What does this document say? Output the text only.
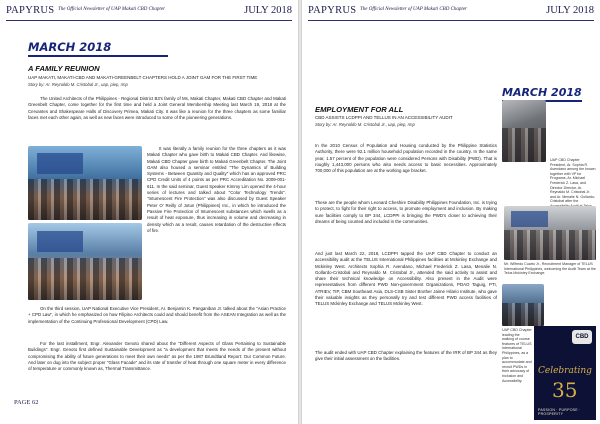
PAPYRUS The Official Newsletter of UAP Makati CBD Chapter	JULY 2018
MARCH 2018
A FAMILY REUNION
UAP MAKATI, MAKATI-CBD AND MAKATI-GREENBELT CHAPTERS HOLD A JOINT GAM FOR THE FIRST TIME
Story by: Ar. Reynaldo M. Cristobal Jr., uap, piep, rmp

The United Architects of the Philippines - Regional District B3's family of Ms, Makati Chapter, Makati CBD Chapter and Makati Greenbelt Chapter, come together for the first time and held a Joint General Membership Meeting last March 19, 2018 at the Cervantes and Shakespeare Halls of Discovery Primea, Makati City. It was like a reunion for the three chapters as some familiar faces met each other again, as well as new faces were introduced to some of the pioneering generations.

It was literally a family reunion for the three chapters as it was Makati Chapter who gave birth to Makati CBD Chapter. And likewise, Makati CBD Chapter gave birth to Makati Greenbelt Chapter. The Joint GAM also housed a seminar entitled "The Dynamics of Building Systems - Between Quantity and Quality" which has an approved PRC CPD Credit Units of 4 points as per PRC Accreditation No. 2009-001-611. In the said seminar, Guest Speaker Kimmy Lim opened the 4-hour series of lectures and talked about "Color Technology Trends". "Intumescent Fire Protection" was also discussed by Guest Speaker Peter O' Reilly of Jotun (Philippines) Inc., in which he introduced the Passive Fire Protection of Intumescent substances which swells as a result of heat exposure, thus increasing in volume and decreasing in density which as a result, causes retardation of the destructive effects of fire.

On the third session, UAP National Executive Vice President, Ar. Benjamin K. Panganiban Jr. talked about the "Asian Practice + CPD Law", in which he emphasized on how Filipino Architects could and should benefit from the ASEAN Integration as well as the implementation of the Continuing Professional Development (CPD) Law.

For the last installment, Engr. Alexander Genoto shared about the "Different Aspects of Glass Pertaining to Sustainable Buildings". Engr. Genoto first defined Sustainable Development as "a development that meets the needs of the present without compromising the ability of future generations to meet their own needs" as per the 1987 Brundtland Report: Our Common Future. And later on dug into the subject proper "Glass Facade" and its rate of transfer of heat through one square meter in every difference of temperature or commonly known as, Thermal Transmittance.

PAGE 62
PAPYRUS The Official Newsletter of UAP Makati CBD Chapter	JULY 2018
EMPLOYMENT FOR ALL
CBD ASSISTS LCDPPI AND TELLUS IN AN ACCESSIBILITY AUDIT
Story by: Ar. Reynaldo M. Cristobal Jr., uap, piep, rmp

In the 2010 Census of Population and Housing conducted by the Philippine Statistics Authority, there were 92.1 million household population recorded in the country. In the same year, 1.57 percent of the population were considered Persons with Disability (PWD). That is roughly 1,443,000 persons who also needs access to basic necessities. Approximately 700,000 of this population are at the working age bracket.

These are the people whom Leonard Cheshire Disability Philippines Foundation, Inc. is trying to protect, to fight for their right to access, to promote employment and inclusion. By making sure facilities comply to BP 344, LCDPPI is bringing the PWD's closer to achieving their dreams of being counted and included in the communities.

And just last March 22, 2018, LCDPPI tapped the UAP CBD Chapter to conduct an accessibility audit at the TELUS International Philippines facilities at Mckinley Exchange and Mckinley West. Architects Sophia R. Avendano, Michael Frederick Z. Lasa, Menalie N. Gollardo-Cristobal and Reynaldo M. Cristobal Jr., attended the said activity to assist and share their technical knowledge on Accessibility. Also present in the Audit were representatives from different PWD Non-government Organizations, PDAO Taguig, PTI, ATRIEV, TIP, CBM Southeast Asia, DLS-CSB Sister Brother Jaime Hilario Institute, who gave their valuable insights as they personally try and test different PWD access facilities of TELUS Mckinley Exchange and TELUS Mckinley West.

The audit ended with UAP CBD Chapter explaining the features of the IRR of BP 344 as they give their initial assessment on the facilities.

MARCH 2018

UAP CBD Chapter President, Ar. Sophia R. Avendano among the known together with VP for Programs, Ar. Michael Frederick Z. Lasa, and Director Director, Ar. Reynaldo M. Cristobal Jr. and Ar. Menalie N. Gollardo-Cristobal after the

Mr. Wilfredo Cuarto Jr., Recruitment Manager of TELUS International Philippines, welcoming the Audit Team at the Telus Mckinley Exchange.

UAP CBD Chapter leading the walking of course features of TELUS International Philippines, as a plan to accommodate and recruit PWDs in their advocacy of Inclusion and Accessibility.

CBD
Celebrating
35
PASSION · PURPOSE · PROSPERITY
